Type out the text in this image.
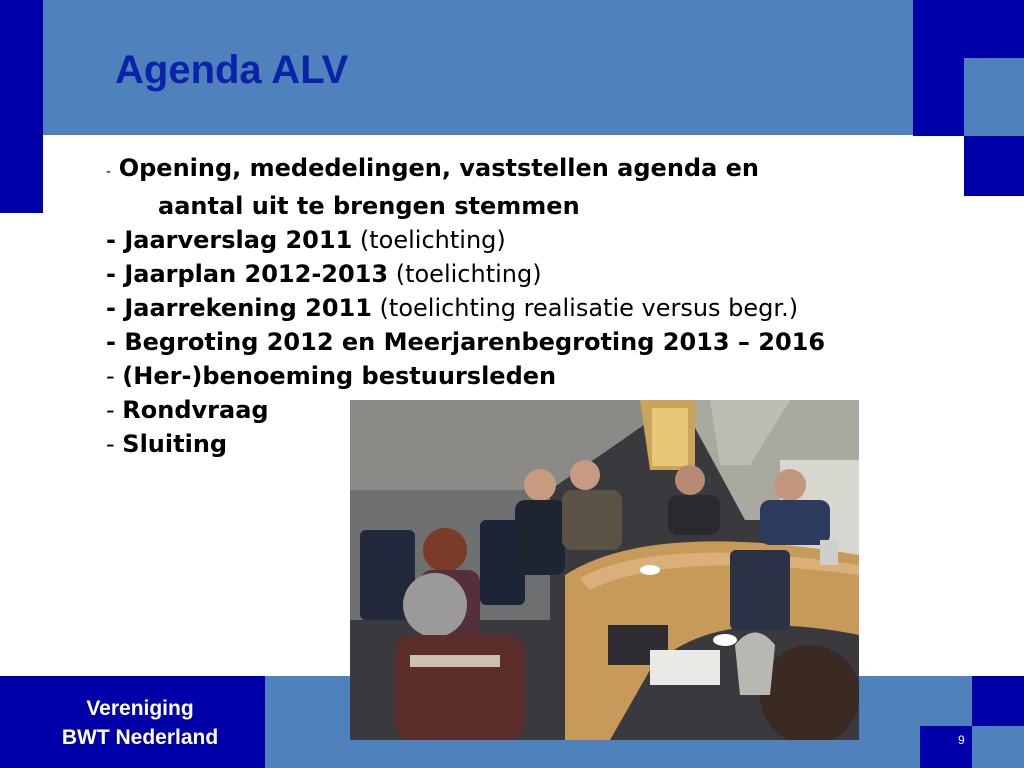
Agenda ALV
- Opening, mededelingen, vaststellen agenda en
aantal uit te brengen stemmen
- Jaarverslag 2011 (toelichting)
- Jaarplan 2012-2013 (toelichting)
- Jaarrekening 2011 (toelichting realisatie versus begr.)
- Begroting 2012 en Meerjarenbegroting 2013 – 2016
- (Her-)benoeming bestuursleden
- Rondvraag
- Sluiting

Vereniging
BWT Nederland	9
